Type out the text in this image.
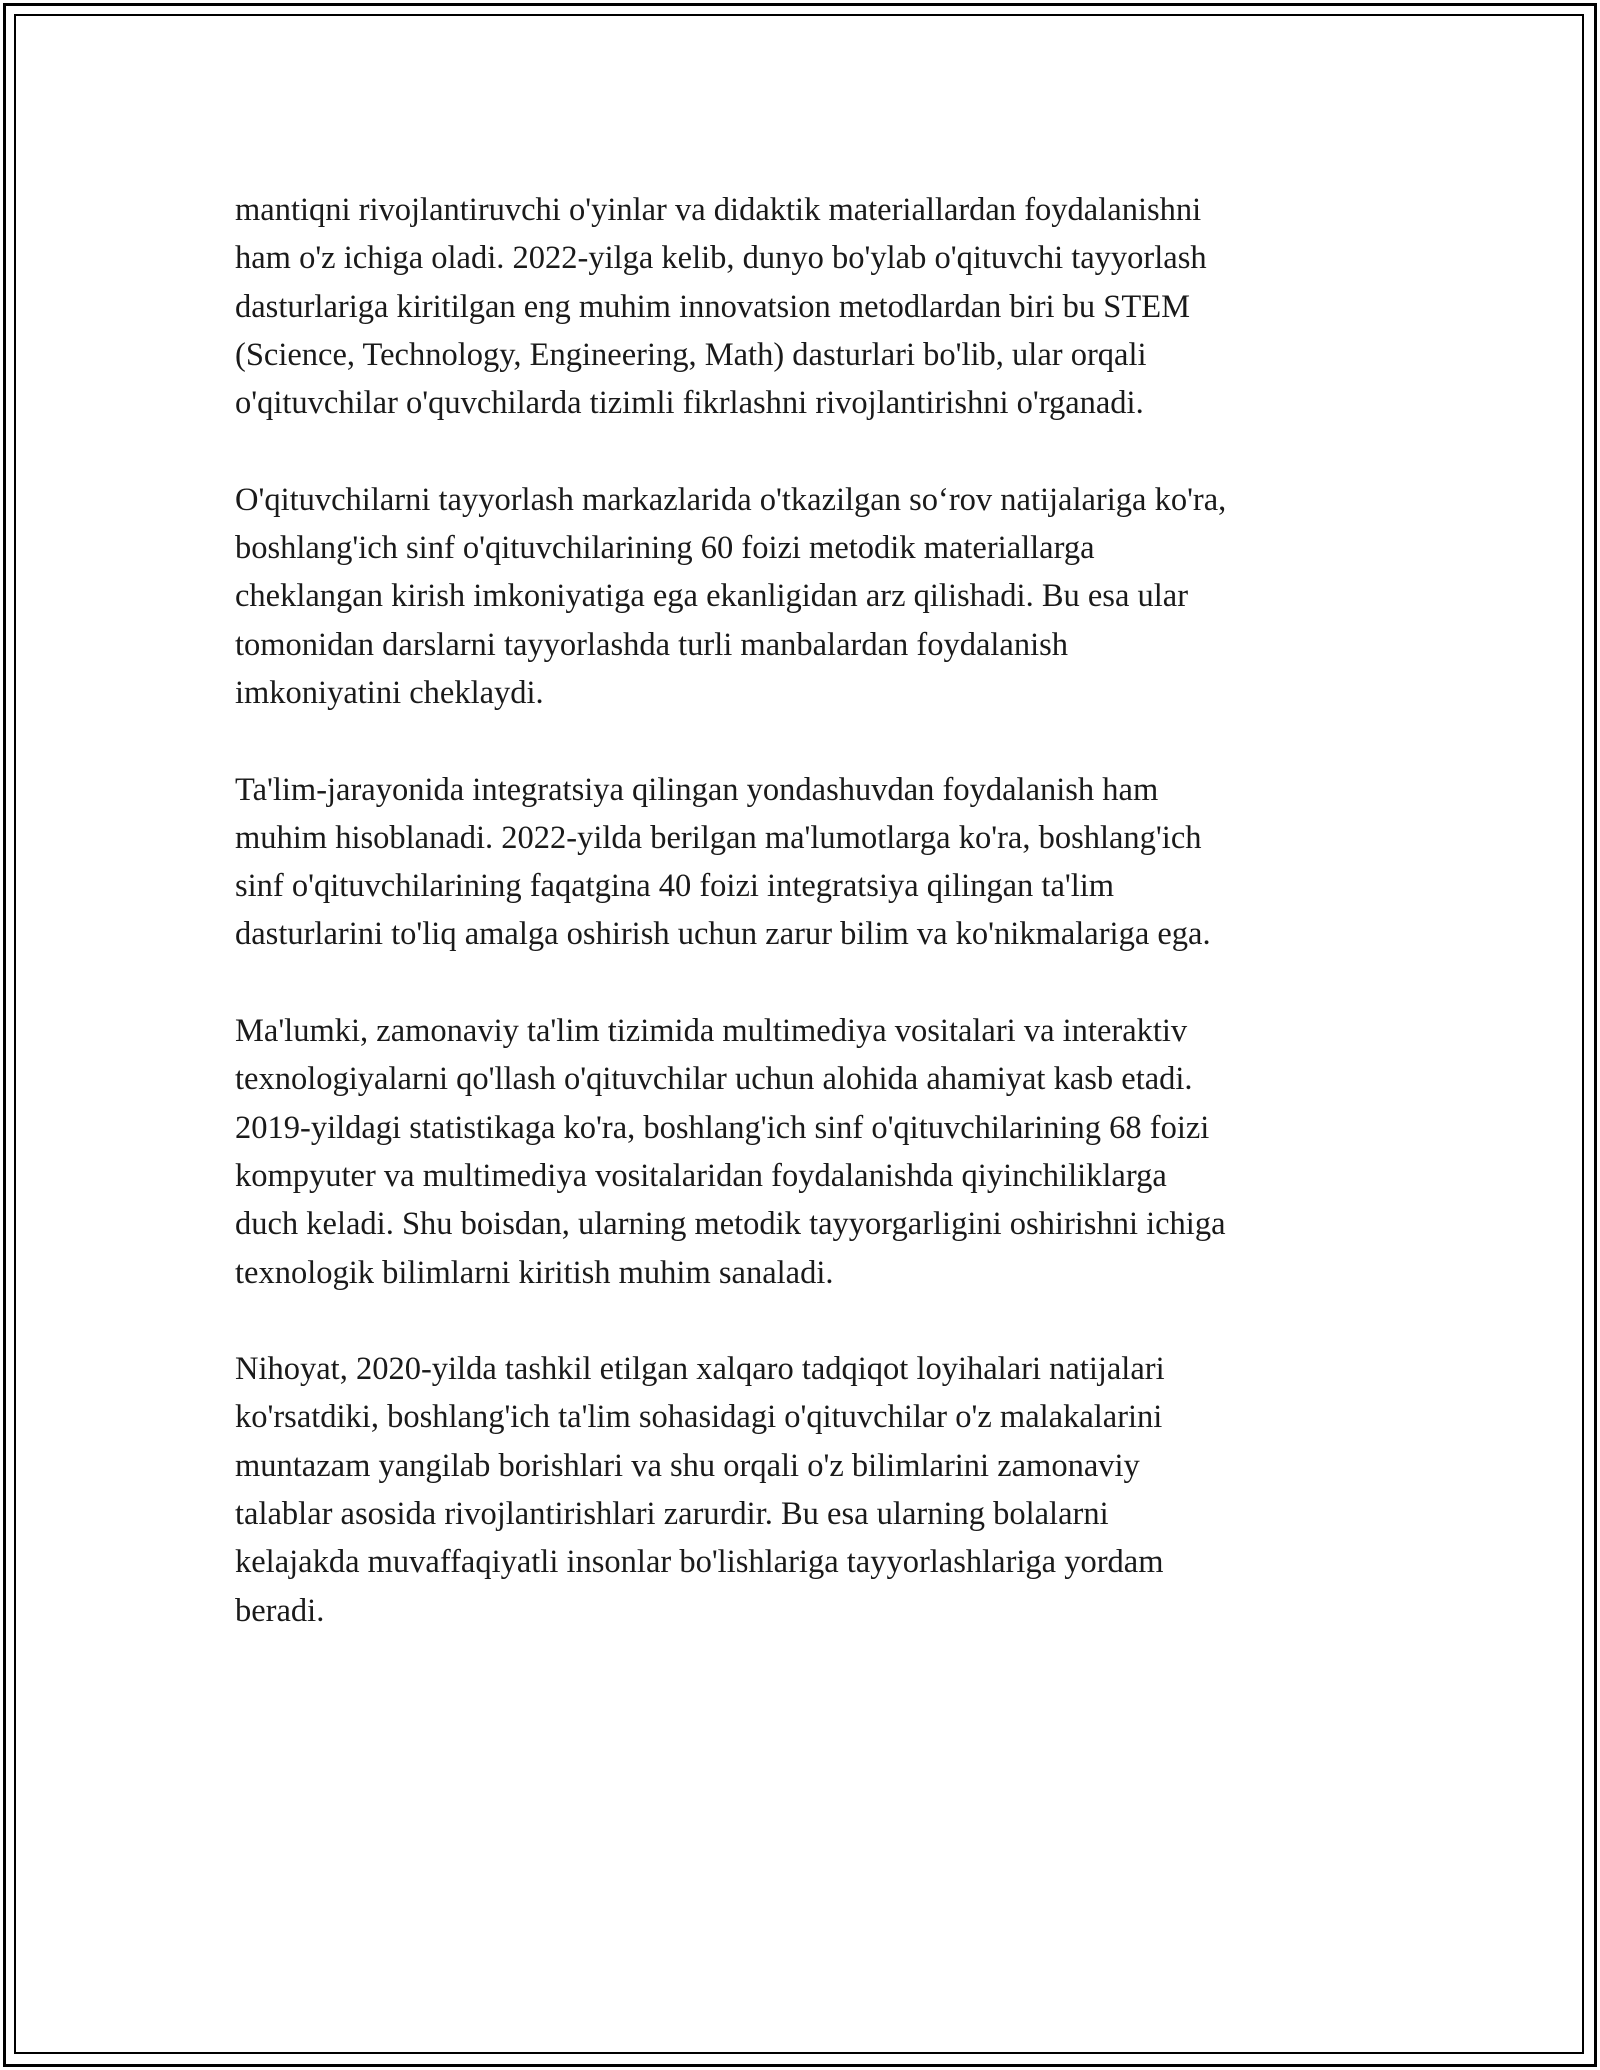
mantiqni rivojlantiruvchi o'yinlar va didaktik materiallardan foydalanishni
ham o'z ichiga oladi. 2022-yilga kelib, dunyo bo'ylab o'qituvchi tayyorlash
dasturlariga kiritilgan eng muhim innovatsion metodlardan biri bu STEM
(Science, Technology, Engineering, Math) dasturlari bo'lib, ular orqali
o'qituvchilar o'quvchilarda tizimli fikrlashni rivojlantirishni o'rganadi.

O'qituvchilarni tayyorlash markazlarida o'tkazilgan so‘rov natijalariga ko'ra,
boshlang'ich sinf o'qituvchilarining 60 foizi metodik materiallarga
cheklangan kirish imkoniyatiga ega ekanligidan arz qilishadi. Bu esa ular
tomonidan darslarni tayyorlashda turli manbalardan foydalanish
imkoniyatini cheklaydi.

Ta'lim-jarayonida integratsiya qilingan yondashuvdan foydalanish ham
muhim hisoblanadi. 2022-yilda berilgan ma'lumotlarga ko'ra, boshlang'ich
sinf o'qituvchilarining faqatgina 40 foizi integratsiya qilingan ta'lim
dasturlarini to'liq amalga oshirish uchun zarur bilim va ko'nikmalariga ega.

Ma'lumki, zamonaviy ta'lim tizimida multimediya vositalari va interaktiv
texnologiyalarni qo'llash o'qituvchilar uchun alohida ahamiyat kasb etadi.
2019-yildagi statistikaga ko'ra, boshlang'ich sinf o'qituvchilarining 68 foizi
kompyuter va multimediya vositalaridan foydalanishda qiyinchiliklarga
duch keladi. Shu boisdan, ularning metodik tayyorgarligini oshirishni ichiga
texnologik bilimlarni kiritish muhim sanaladi.

Nihoyat, 2020-yilda tashkil etilgan xalqaro tadqiqot loyihalari natijalari
ko'rsatdiki, boshlang'ich ta'lim sohasidagi o'qituvchilar o'z malakalarini
muntazam yangilab borishlari va shu orqali o'z bilimlarini zamonaviy
talablar asosida rivojlantirishlari zarurdir. Bu esa ularning bolalarni
kelajakda muvaffaqiyatli insonlar bo'lishlariga tayyorlashlariga yordam
beradi.
